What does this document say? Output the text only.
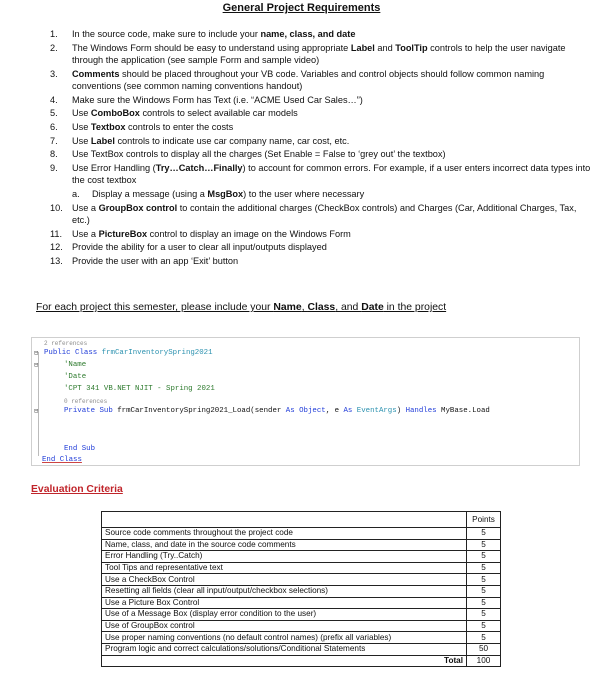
General Project Requirements
1. In the source code, make sure to include your name, class, and date
2. The Windows Form should be easy to understand using appropriate Label and ToolTip controls to help the user navigate through the application (see sample Form and sample video)
3. Comments should be placed throughout your VB code. Variables and control objects should follow common naming conventions (see common naming conventions handout)
4. Make sure the Windows Form has Text (i.e. “ACME Used Car Sales…”)
5. Use ComboBox controls to select available car models
6. Use Textbox controls to enter the costs
7. Use Label controls to indicate use car company name, car cost, etc.
8. Use TextBox controls to display all the charges (Set Enable = False to ‘grey out’ the textbox)
9. Use Error Handling (Try…Catch…Finally) to account for common errors. For example, if a user enters incorrect data types into the cost textbox
a. Display a message (using a MsgBox) to the user where necessary
10. Use a GroupBox control to contain the additional charges (CheckBox controls) and Charges (Car, Additional Charges, Tax, etc.)
11. Use a PictureBox control to display an image on the Windows Form
12. Provide the ability for a user to clear all input/outputs displayed
13. Provide the user with an app ‘Exit’ button
For each project this semester, please include your Name, Class, and Date in the project
2 references
⊟ Public Class frmCarInventorySpring2021
⊟	'Name
'Date
'CPT 341 VB.NET NJIT - Spring 2021
0 references
⊟	Private Sub frmCarInventorySpring2021_Load(sender As Object, e As EventArgs) Handles MyBase.Load
End Sub
End Class
Evaluation Criteria
	Points
Source code comments throughout the project code	5
Name, class, and date in the source code comments	5
Error Handling (Try..Catch)	5
Tool Tips and representative text	5
Use a CheckBox Control	5
Resetting all fields (clear all input/output/checkbox selections)	5
Use a Picture Box Control	5
Use of a Message Box (display error condition to the user)	5
Use of GroupBox control	5
Use proper naming conventions (no default control names) (prefix all variables)	5
Program logic and correct calculations/solutions/Conditional Statements	50
Total	100
